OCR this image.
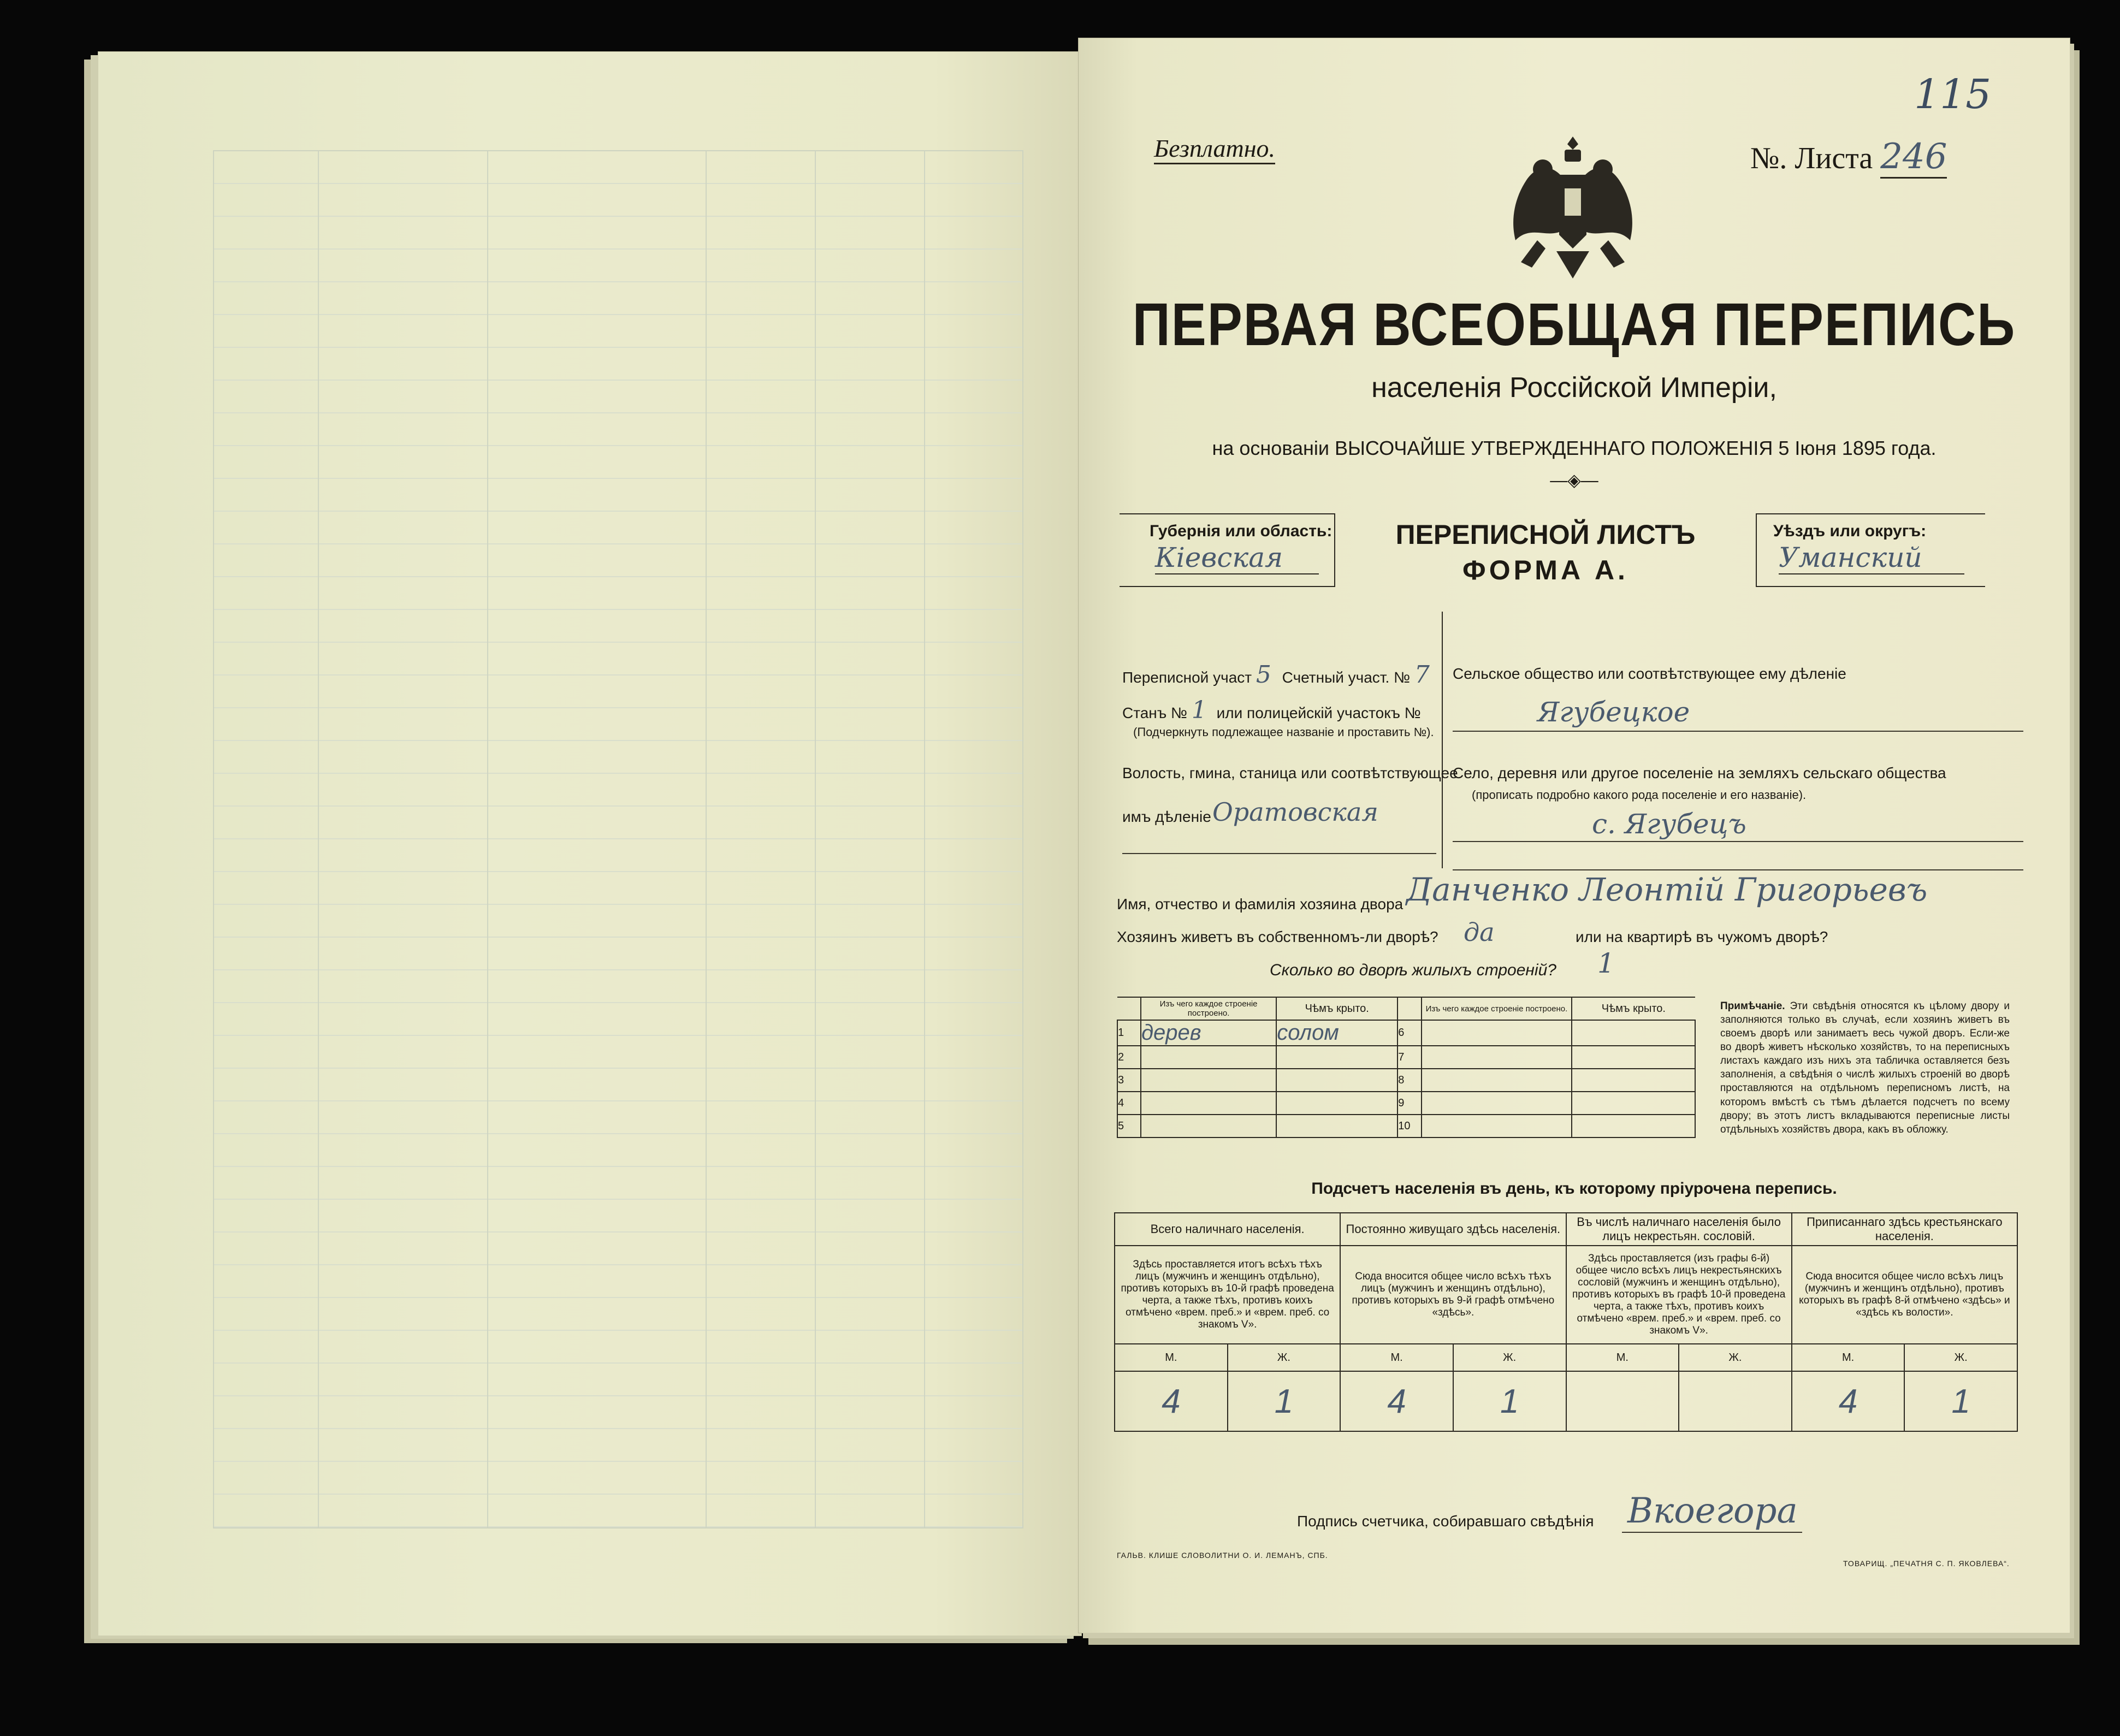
Безплатно.
115
№. Листа 246
ПЕРВАЯ ВСЕОБЩАЯ ПЕРЕПИСЬ
населенія Россійской Имперіи,
на основаніи ВЫСОЧАЙШЕ УТВЕРЖДЕННАГО ПОЛОЖЕНІЯ 5 Іюня 1895 года.
—◈—
Губернія или область:
Кіевская
ПЕРЕПИСНОЙ ЛИСТЪ
ФОРМА А.
Уѣздъ или округъ:
Уманский
Переписной участ 5 Счетный участ. № 7
Станъ № 1 или полицейскій участокъ №
(Подчеркнуть подлежащее названіе и проставить №).
Волость, гмина, станица или соотвѣтствующее
имъ дѣленіе Оратовская
Сельское общество или соотвѣтствующее ему дѣленіе
Ягубецкое
Село, деревня или другое поселеніе на земляхъ сельскаго общества
(прописать подробно какого рода поселеніе и его названіе).
с. Ягубецъ
Имя, отчество и фамилія хозяина двора Данченко Леонтій Григорьевъ
Хозяинъ живетъ въ собственномъ-ли дворѣ? да	или на квартирѣ въ чужомъ дворѣ?
Сколько во дворѣ жилыхъ строеній? 1
	Изъ чего каждое строеніе построено.	Чѣмъ крыто.		Изъ чего каждое строеніе построено.	Чѣмъ крыто.
1	дерев	солом	6		
2			7		
3			8		
4			9		
5			10		
Примѣчаніе. Эти свѣдѣнія относятся къ цѣлому двору и заполняются только въ случаѣ, если хозяинъ живетъ въ своемъ дворѣ или занимаетъ весь чужой дворъ. Если-же во дворѣ живетъ нѣсколько хозяйствъ, то на переписныхъ листахъ каждаго изъ нихъ эта табличка оставляется безъ заполненія, а свѣдѣнія о числѣ жилыхъ строеній во дворѣ проставляются на отдѣльномъ переписномъ листѣ, на которомъ вмѣстѣ съ тѣмъ дѣлается подсчетъ по всему двору; въ этотъ листъ вкладываются переписные листы отдѣльныхъ хозяйствъ двора, какъ въ обложку.
Подсчетъ населенія въ день, къ которому пріурочена перепись.
Всего наличнаго населенія.		Постоянно живущаго здѣсь населенія.		Въ числѣ наличнаго населенія было лицъ некрестьян. сословій.		Приписаннаго здѣсь крестьянскаго населенія.	
Здѣсь проставляется итогъ всѣхъ тѣхъ лицъ (мужчинъ и женщинъ отдѣльно), противъ которыхъ въ 10-й графѣ проведена черта, а также тѣхъ, противъ коихъ отмѣчено «врем. преб.» и «врем. преб. со знакомъ V».		Сюда вносится общее число всѣхъ тѣхъ лицъ (мужчинъ и женщинъ отдѣльно), противъ которыхъ въ 9-й графѣ отмѣчено «здѣсь».		Здѣсь проставляется (изъ графы 6-й) общее число всѣхъ лицъ некрестьянскихъ сословій (мужчинъ и женщинъ отдѣльно), противъ которыхъ въ графѣ 10-й проведена черта, а также тѣхъ, противъ коихъ отмѣчено «врем. преб.» и «врем. преб. со знакомъ V».		Сюда вносится общее число всѣхъ лицъ (мужчинъ и женщинъ отдѣльно), противъ которыхъ въ графѣ 8-й отмѣчено «здѣсь» и «здѣсь къ волости».	
М.	Ж.	М.	Ж.	М.	Ж.	М.	Ж.
4	1	4	1			4	1
Подпись счетчика, собиравшаго свѣдѣнія Вкоегора
ГАЛЬВ. КЛИШЕ СЛОВОЛИТНИ О. И. ЛЕМАНЪ, СПБ.
ТОВАРИЩ. „ПЕЧАТНЯ С. П. ЯКОВЛЕВА“.
